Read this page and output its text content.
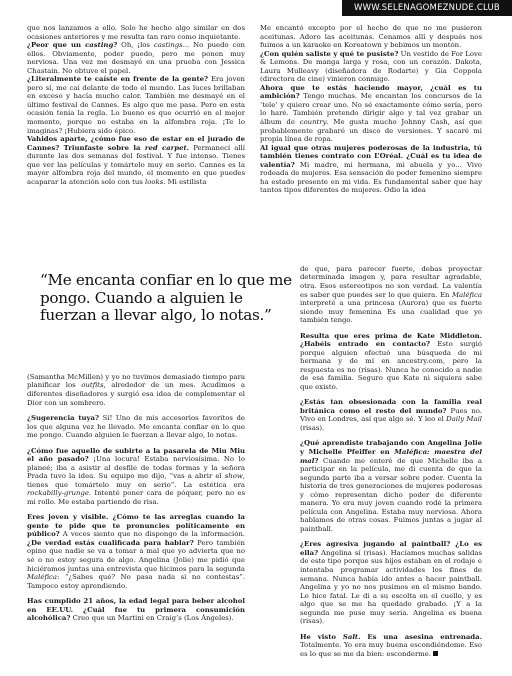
WWW.SELENAGOMEZNUDE.CLUB

que nos lanzamos a ello. Solo he hecho algo similar en dos ocasiones anteriores y me resulta tan raro como inquietante.

¿Peor que un casting? Oh, ¡los castings... No puedo con ellos. Obviamente, poder puedo, pero me ponen muy nerviosa. Una vez me desmayé en una prueba con Jessica Chastain. No obtuve el papel.

¿Literalmente te caíste en frente de la gente? Era joven pero sí, me caí delante de todo el mundo. Las luces brillaban en exceso y hacía mucho calor. También me desmayé en el último festival de Cannes. Es algo que me pasa. Pero en esta ocasión tenía la regla. Lo bueno es que ocurrió en el mejor momento, porque no estaba en la alfombra roja. ¡Te lo imaginas? ¡Hubiera sido épico.

Vahidos aparte, ¿cómo fue eso de estar en el jurado de Cannes? Triunfaste sobre la red carpet. Permanecí allí durante las dos semanas del festival. Y fue intenso. Tienes que ver las películas y tomártelo muy en serio. Cannes es la mayor alfombra roja del mundo, el momento en que puedes acaparar la atención solo con tus looks. Mi estilista

“Me encanta confiar en lo que me pongo. Cuando a alguien le fuerzan a llevar algo, lo notas.”

(Samantha McMillen) y yo no tuvimos demasiado tiempo para planificar los outfits, alrededor de un mes. Acudimos a diferentes diseñadores y surgió esa idea de complementar el Dior con un sombrero.

¿Sugerencia tuya? Sí! Uno de mis accesorios favoritos de los que alguna vez he llevado. Me encanta confiar en lo que me pongo. Cuando alguien le fuerzan a llevar algo, lo notas.

¿Cómo fue aquello de subirte a la pasarela de Miu Miu el año pasado? ¡Una locura! Estaba nerviosísima. No lo planeé; iba a asistir al desfile de todas formas y la señora Prada tuvo la idea. Su equipo me dijo, “vas a abrir el show, tienes que tomártelo muy en serio”. La estética era rockabilly-grunge. Intenté poner cara de póquer, pero no es mi rollo. Me estaba partiendo de risa.

Eres joven y visible. ¿Cómo te las arreglas cuando la gente te pide que te pronuncies políticamente en público? A veces siento que no dispongo de la información. ¿De verdad estás cualificada para hablar? Pero también opino que nadie se va a tomar a mal que yo advierta que no sé o no estoy segura de algo. Angelina (Jolie) me pidió que hiciéramos juntas una entrevista que hicimos para la segunda Maléfica: “¿Sabes qué? No pasa nada si no contestas”. Tampoco estoy aprendiendo.

Has cumplido 21 años, la edad legal para beber alcohol en EE.UU. ¿Cuál fue tu primera consumición alcohólica? Creo que un Martini en Craig’s (Los Ángeles).

Me encantó excepto por el hecho de que no me pusieron aceitunas. Adoro las aceitunas. Cenamos allí y después nos fuimos a un karaoke en Koreatown y bebimos un montón.

¿Con quién saliste y qué te pusiste? Un vestido de For Love & Lemons. De manga larga y rosa, con un corazón. Dakota, Laura Mulleavy (diseñadora de Rodarte) y Gia Coppola (directora de cine) vinieron conmigo.

Ahora que te estás haciendo mayor, ¿cuál es tu ambición? Tengo muchas. Me encantan los concursos de la ‘tele’ y quiero crear uno. No sé exactamente cómo sería, pero lo haré. También pretendo dirigir algo y tal vez grabar un álbum de country. Me gusta mucho Johnny Cash, así que probablemente grabaré un disco de versiones. Y sacaré mi propia línea de ropa.

Al igual que otras mujeres poderosas de la industria, tú también tienes contrato con L’Oréal. ¿Cuál es tu idea de valentía? Mi madre, mi hermana, mi abuela y yo... Vivo rodeada de mujeres. Esa sensación de poder femenino siempre ha estado presente en mi vida. Es fundamental saber que hay tantos tipos diferentes de mujeres. Odio la idea

de que, para parecer fuerte, debas proyectar determinada imagen y, para resultar agradable, otra. Esos estereotipos no son verdad. La valentía es saber que puedes ser lo que quiera. En Maléfica interpreté a una princesa (Aurora) que es fuerte siendo muy femenina Es una cualidad que yo también tengo.

Resulta que eres prima de Kate Middleton. ¿Habéis entrado en contacto? Esto surgió porque alguien efectuó una búsqueda de mi hermana y de mí en ancestry.com, pero la respuesta es no (risas). Nunca he conocido a nadie de esa familia. Seguro que Kate ni siquiera sabe que existo.

¿Estás tan obsesionada con la familia real británica como el resto del mundo? Pues no. Vivo en Londres, así que algo sé. Y leo el Daily Mail (risas).

¿Qué aprendiste trabajando con Angelina Jolie y Michelle Pfeiffer en Maléfica: maestra del mal? Cuando me enteré de que Michelle iba a participar en la película, me di cuenta de que la segunda parte iba a versar sobre poder. Cuenta la historia de tres generaciones de mujeres poderosas y cómo representan dicho poder de diferente manera. Yo era muy joven cuando rodé la primera película con Angelina. Estaba muy nerviosa. Ahora hablamos de otras cosas. Fuimos juntas a jugar al paintball.

¿Eres agresiva jugando al paintball? ¿Lo es ella? Angelina sí (risas). Hacíamos muchas salidas de este tipo porque sus hijos estaban en el rodaje e intentaba programar actividades los fines de semana. Nunca había ido antes a hacer paintball. Angelina y yo no nos pusimos en el mismo bando. Lo hice fatal. Le di a su escolta en el cuello, y es algo que se me ha quedado grabado. ¡Y a la segunda me puse muy seria. Angelina es buena (risas).

He visto Salt. Es una asesina entrenada. Totalmente. Yo era muy buena escondiéndome. Eso es lo que se me da bien: esconderme.
